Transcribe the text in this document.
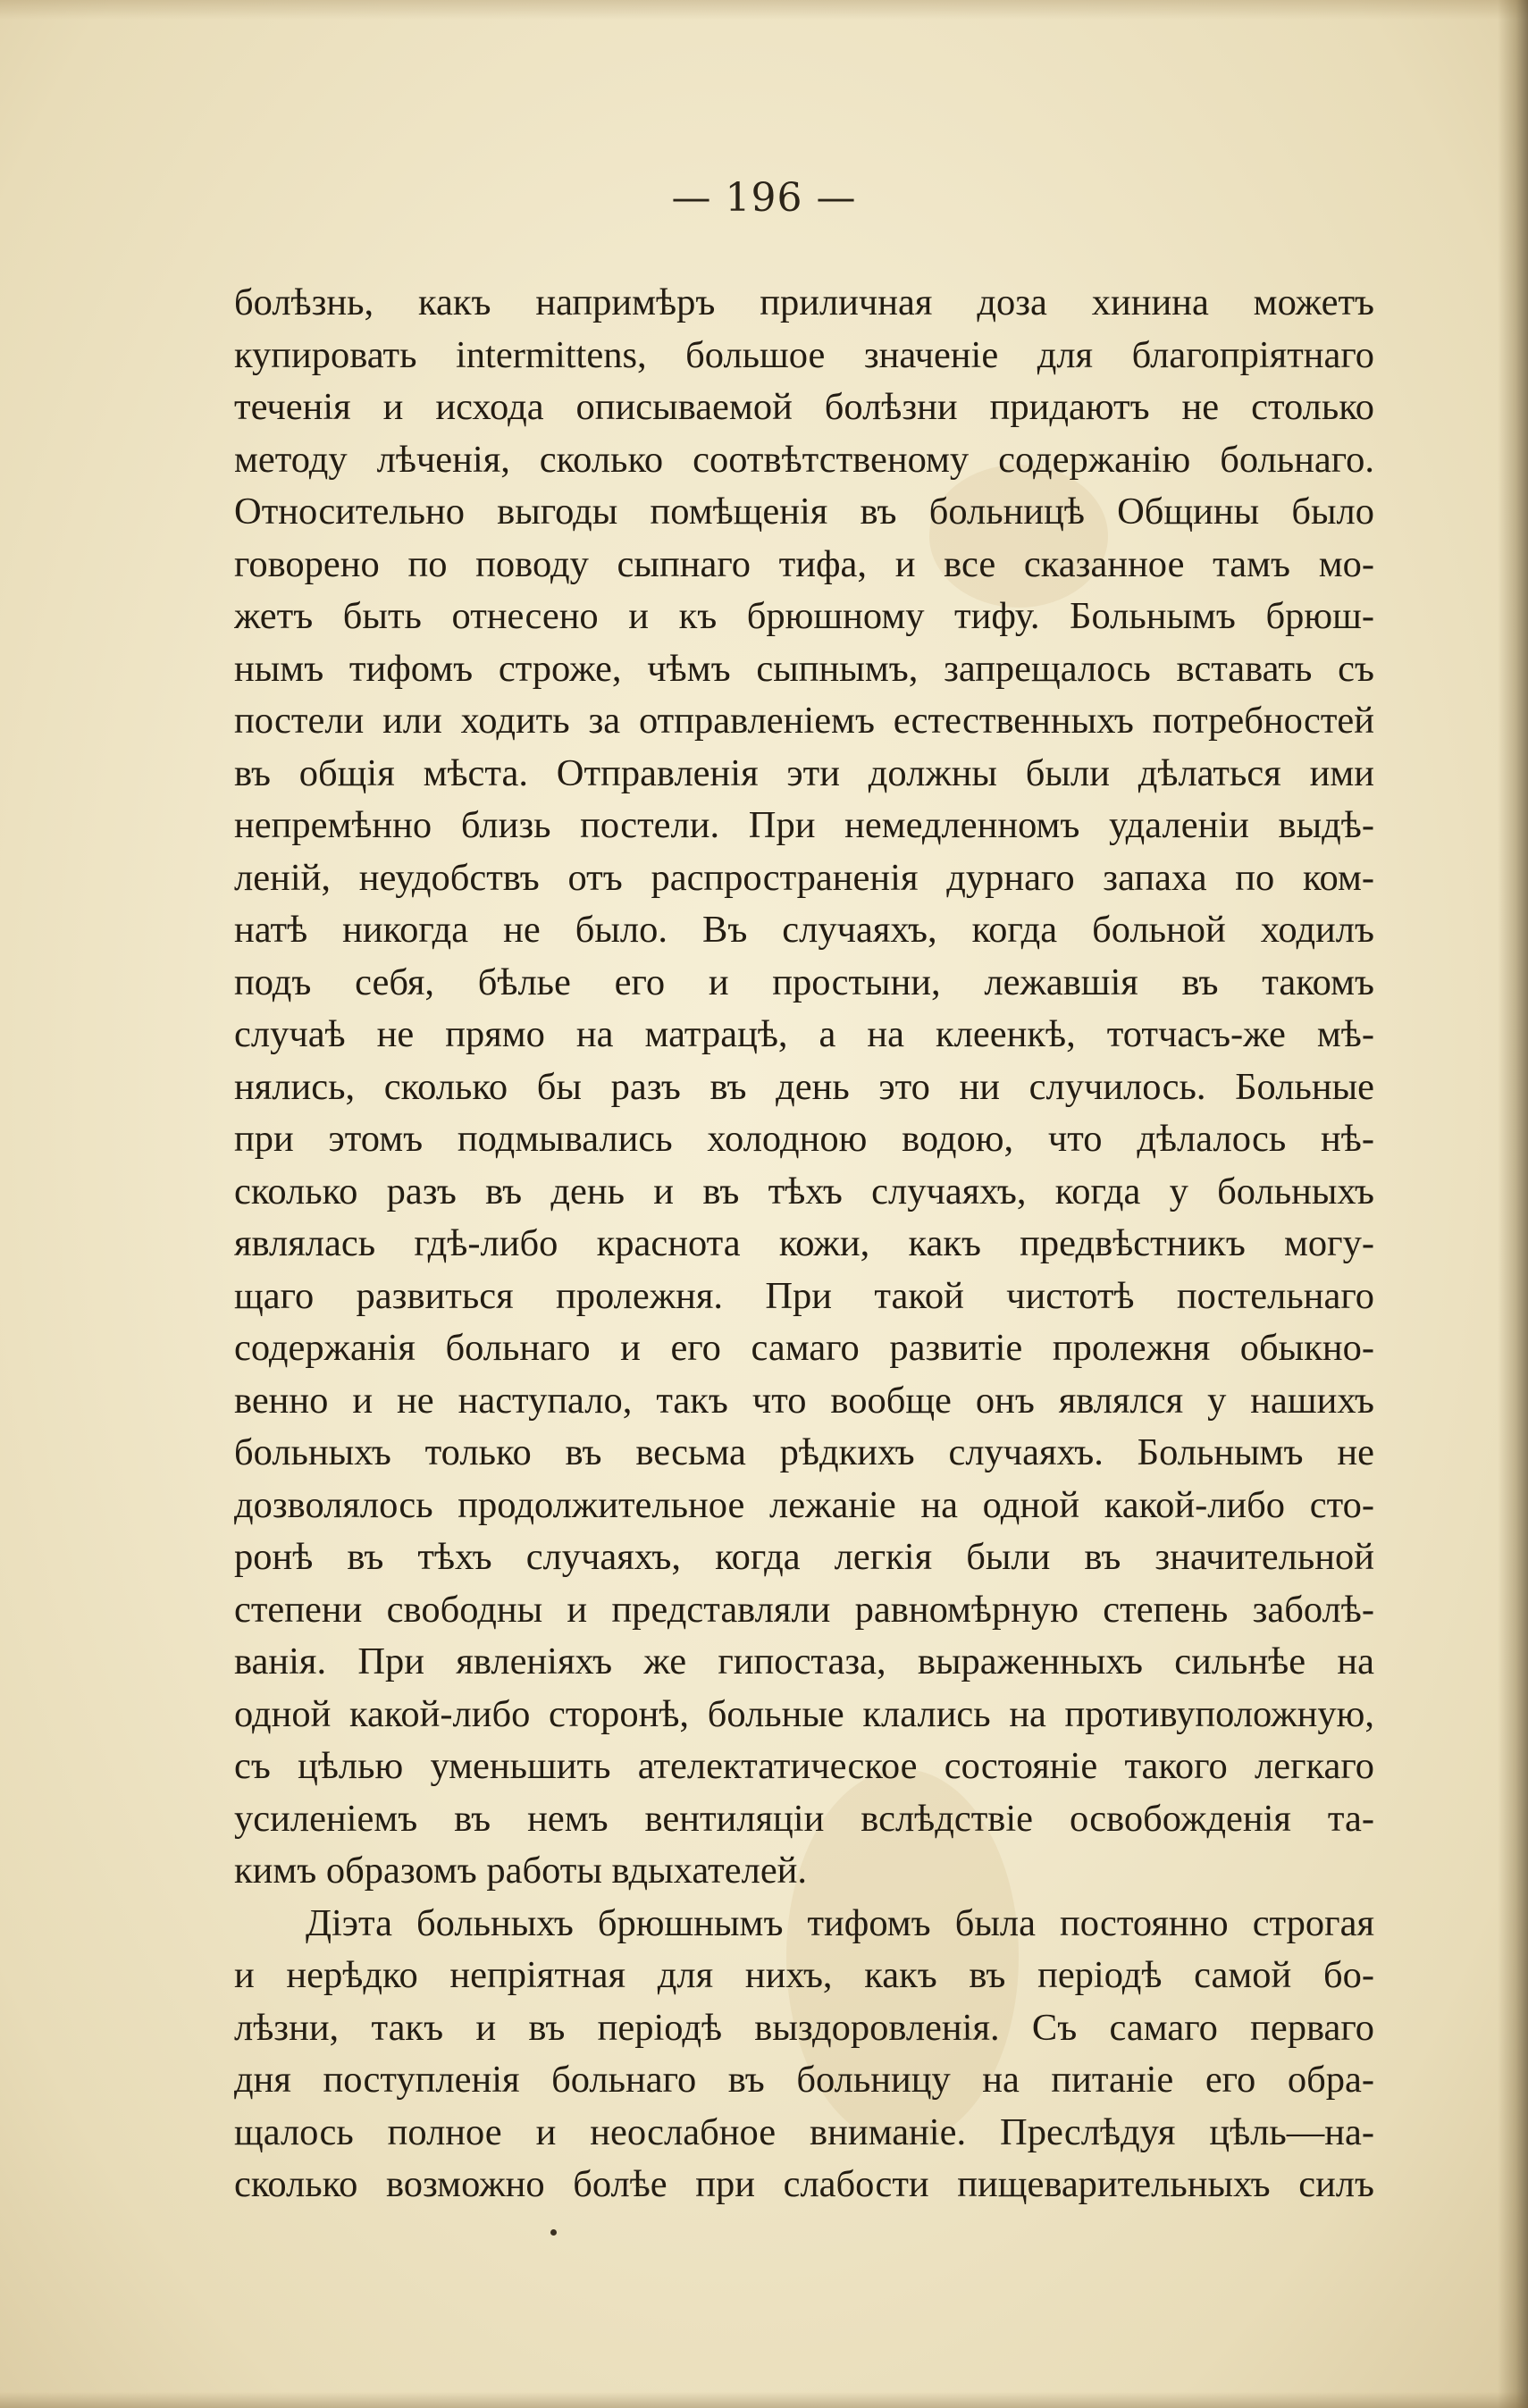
— 196 —
болѣзнь, какъ напримѣръ приличная доза хинина можетъ
купировать intermittens, большое значеніе для благопріятнаго
теченія и исхода описываемой болѣзни придаютъ не столько
методу лѣченія, сколько соотвѣтственому содержанію больнаго.
Относительно выгоды помѣщенія въ больницѣ Общины было
говорено по поводу сыпнаго тифа, и все сказанное тамъ мо-
жетъ быть отнесено и къ брюшному тифу. Больнымъ брюш-
нымъ тифомъ строже, чѣмъ сыпнымъ, запрещалось вставать съ
постели или ходить за отправленіемъ естественныхъ потребностей
въ общія мѣста. Отправленія эти должны были дѣлаться ими
непремѣнно близь постели. При немедленномъ удаленіи выдѣ-
леній, неудобствъ отъ распространенія дурнаго запаха по ком-
натѣ никогда не было. Въ случаяхъ, когда больной ходилъ
подъ себя, бѣлье его и простыни, лежавшія въ такомъ
случаѣ не прямо на матрацѣ, а на клеенкѣ, тотчасъ-же мѣ-
нялись, сколько бы разъ въ день это ни случилось. Больные
при этомъ подмывались холодною водою, что дѣлалось нѣ-
сколько разъ въ день и въ тѣхъ случаяхъ, когда у больныхъ
являлась гдѣ-либо краснота кожи, какъ предвѣстникъ могу-
щаго развиться пролежня. При такой чистотѣ постельнаго
содержанія больнаго и его самаго развитіе пролежня обыкно-
венно и не наступало, такъ что вообще онъ являлся у нашихъ
больныхъ только въ весьма рѣдкихъ случаяхъ. Больнымъ не
дозволялось продолжительное лежаніе на одной какой-либо сто-
ронѣ въ тѣхъ случаяхъ, когда легкія были въ значительной
степени свободны и представляли равномѣрную степень заболѣ-
ванія. При явленіяхъ же гипостаза, выраженныхъ сильнѣе на
одной какой-либо сторонѣ, больные клались на противуположную,
съ цѣлью уменьшить ателектатическое состояніе такого легкаго
усиленіемъ въ немъ вентиляціи вслѣдствіе освобожденія та-
кимъ образомъ работы вдыхателей.
Діэта больныхъ брюшнымъ тифомъ была постоянно строгая
и нерѣдко непріятная для нихъ, какъ въ періодѣ самой бо-
лѣзни, такъ и въ періодѣ выздоровленія. Съ самаго перваго
дня поступленія больнаго въ больницу на питаніе его обра-
щалось полное и неослабное вниманіе. Преслѣдуя цѣль—на-
сколько возможно болѣе при слабости пищеварительныхъ силъ
